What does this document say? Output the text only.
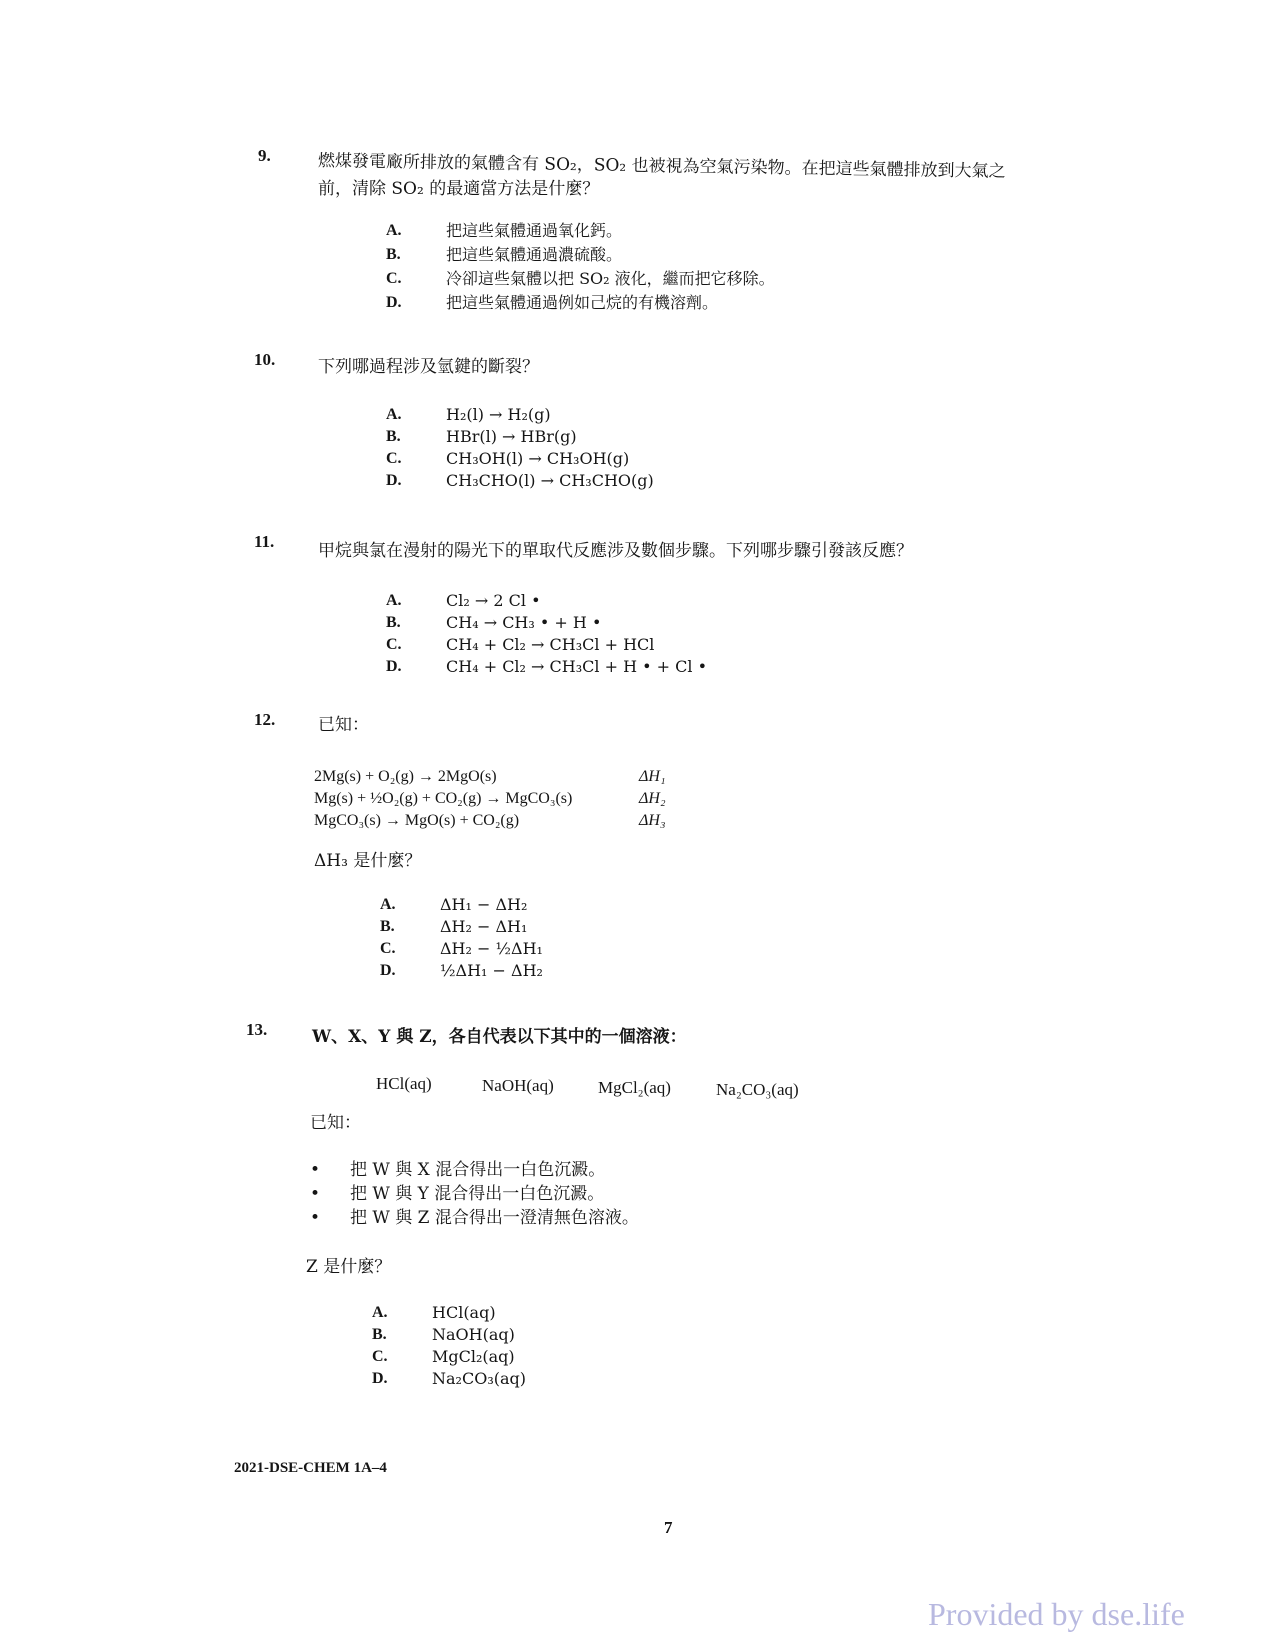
9.	燃煤發電廠所排放的氣體含有 SO₂，SO₂ 也被視為空氣污染物。在把這些氣體排放到大氣之
前，清除 SO₂ 的最適當方法是什麼？
A.	把這些氣體通過氧化鈣。
B.	把這些氣體通過濃硫酸。
C.	冷卻這些氣體以把 SO₂ 液化，繼而把它移除。
D.	把這些氣體通過例如己烷的有機溶劑。
10.	下列哪過程涉及氫鍵的斷裂？
A.	H₂(l) → H₂(g)
B.	HBr(l) → HBr(g)
C.	CH₃OH(l) → CH₃OH(g)
D.	CH₃CHO(l) → CH₃CHO(g)
11.	甲烷與氯在漫射的陽光下的單取代反應涉及數個步驟。下列哪步驟引發該反應？
A.	Cl₂ → 2 Cl •
B.	CH₄ → CH₃ • + H •
C.	CH₄ + Cl₂ → CH₃Cl + HCl
D.	CH₄ + Cl₂ → CH₃Cl + H • + Cl •
12.	已知：
2Mg(s) + O₂(g) → 2MgO(s)	ΔH₁
Mg(s) + ½O₂(g) + CO₂(g) → MgCO₃(s)	ΔH₂
MgCO₃(s) → MgO(s) + CO₂(g)	ΔH₃
ΔH₃ 是什麼？
A.	ΔH₁ − ΔH₂
B.	ΔH₂ − ΔH₁
C.	ΔH₂ − ½ΔH₁
D.	½ΔH₁ − ΔH₂
13.	W、X、Y 與 Z，各自代表以下其中的一個溶液：
HCl(aq)	NaOH(aq)	MgCl₂(aq)	Na₂CO₃(aq)
已知：
• 把 W 與 X 混合得出一白色沉澱。
• 把 W 與 Y 混合得出一白色沉澱。
• 把 W 與 Z 混合得出一澄清無色溶液。
Z 是什麼？
A.	HCl(aq)
B.	NaOH(aq)
C.	MgCl₂(aq)
D.	Na₂CO₃(aq)
2021-DSE-CHEM 1A–4
7
Provided by dse.life
